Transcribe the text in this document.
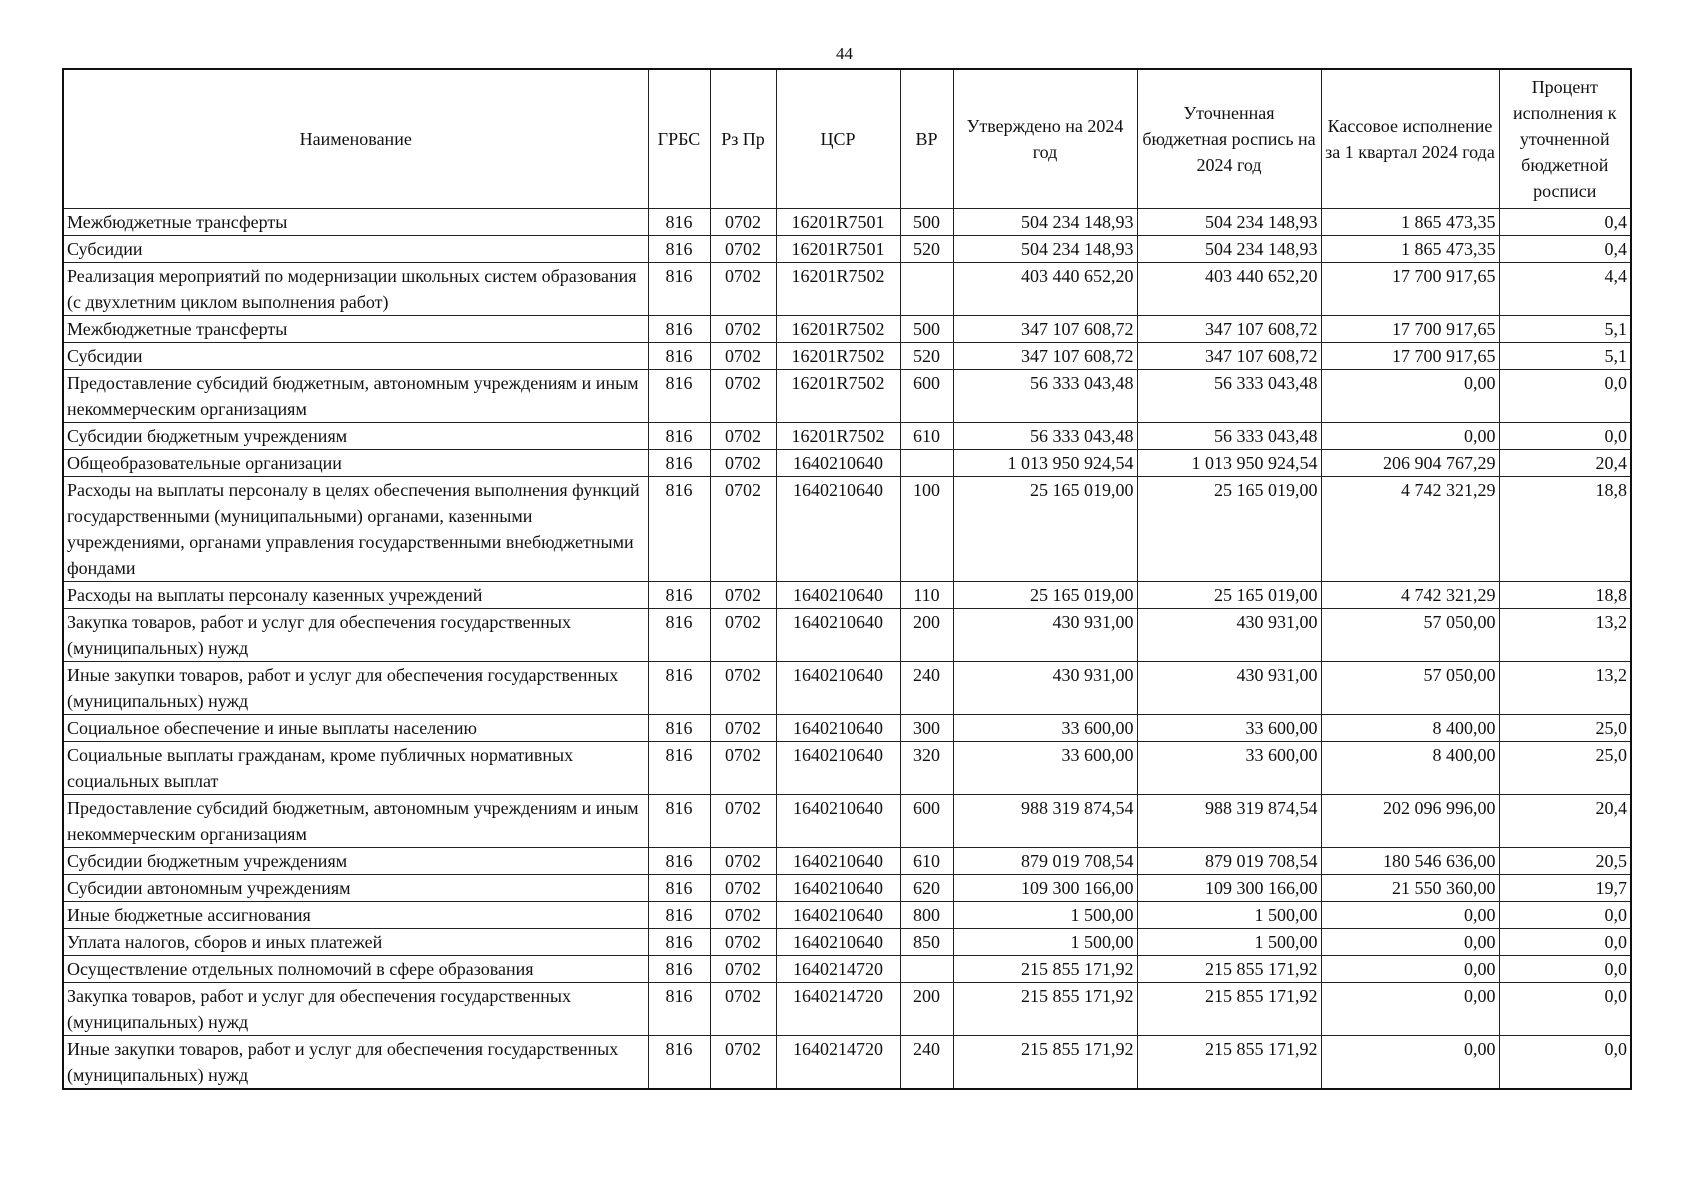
44
Наименование	ГРБС	Рз Пр	ЦСР	ВР	Утверждено на 2024 год	Уточненная бюджетная роспись на 2024 год	Кассовое исполнение за 1 квартал 2024 года	Процент исполнения к уточненной бюджетной росписи
Межбюджетные трансферты	816	0702	16201R7501	500	504 234 148,93	504 234 148,93	1 865 473,35	0,4
Субсидии	816	0702	16201R7501	520	504 234 148,93	504 234 148,93	1 865 473,35	0,4
Реализация мероприятий по модернизации школьных систем образования (с двухлетним циклом выполнения работ)	816	0702	16201R7502		403 440 652,20	403 440 652,20	17 700 917,65	4,4
Межбюджетные трансферты	816	0702	16201R7502	500	347 107 608,72	347 107 608,72	17 700 917,65	5,1
Субсидии	816	0702	16201R7502	520	347 107 608,72	347 107 608,72	17 700 917,65	5,1
Предоставление субсидий бюджетным, автономным учреждениям и иным некоммерческим организациям	816	0702	16201R7502	600	56 333 043,48	56 333 043,48	0,00	0,0
Субсидии бюджетным учреждениям	816	0702	16201R7502	610	56 333 043,48	56 333 043,48	0,00	0,0
Общеобразовательные организации	816	0702	1640210640		1 013 950 924,54	1 013 950 924,54	206 904 767,29	20,4
Расходы на выплаты персоналу в целях обеспечения выполнения функций государственными (муниципальными) органами, казенными учреждениями, органами управления государственными внебюджетными фондами	816	0702	1640210640	100	25 165 019,00	25 165 019,00	4 742 321,29	18,8
Расходы на выплаты персоналу казенных учреждений	816	0702	1640210640	110	25 165 019,00	25 165 019,00	4 742 321,29	18,8
Закупка товаров, работ и услуг для обеспечения государственных (муниципальных) нужд	816	0702	1640210640	200	430 931,00	430 931,00	57 050,00	13,2
Иные закупки товаров, работ и услуг для обеспечения государственных (муниципальных) нужд	816	0702	1640210640	240	430 931,00	430 931,00	57 050,00	13,2
Социальное обеспечение и иные выплаты населению	816	0702	1640210640	300	33 600,00	33 600,00	8 400,00	25,0
Социальные выплаты гражданам, кроме публичных нормативных социальных выплат	816	0702	1640210640	320	33 600,00	33 600,00	8 400,00	25,0
Предоставление субсидий бюджетным, автономным учреждениям и иным некоммерческим организациям	816	0702	1640210640	600	988 319 874,54	988 319 874,54	202 096 996,00	20,4
Субсидии бюджетным учреждениям	816	0702	1640210640	610	879 019 708,54	879 019 708,54	180 546 636,00	20,5
Субсидии автономным учреждениям	816	0702	1640210640	620	109 300 166,00	109 300 166,00	21 550 360,00	19,7
Иные бюджетные ассигнования	816	0702	1640210640	800	1 500,00	1 500,00	0,00	0,0
Уплата налогов, сборов и иных платежей	816	0702	1640210640	850	1 500,00	1 500,00	0,00	0,0
Осуществление отдельных полномочий в сфере образования	816	0702	1640214720		215 855 171,92	215 855 171,92	0,00	0,0
Закупка товаров, работ и услуг для обеспечения государственных (муниципальных) нужд	816	0702	1640214720	200	215 855 171,92	215 855 171,92	0,00	0,0
Иные закупки товаров, работ и услуг для обеспечения государственных (муниципальных) нужд	816	0702	1640214720	240	215 855 171,92	215 855 171,92	0,00	0,0
